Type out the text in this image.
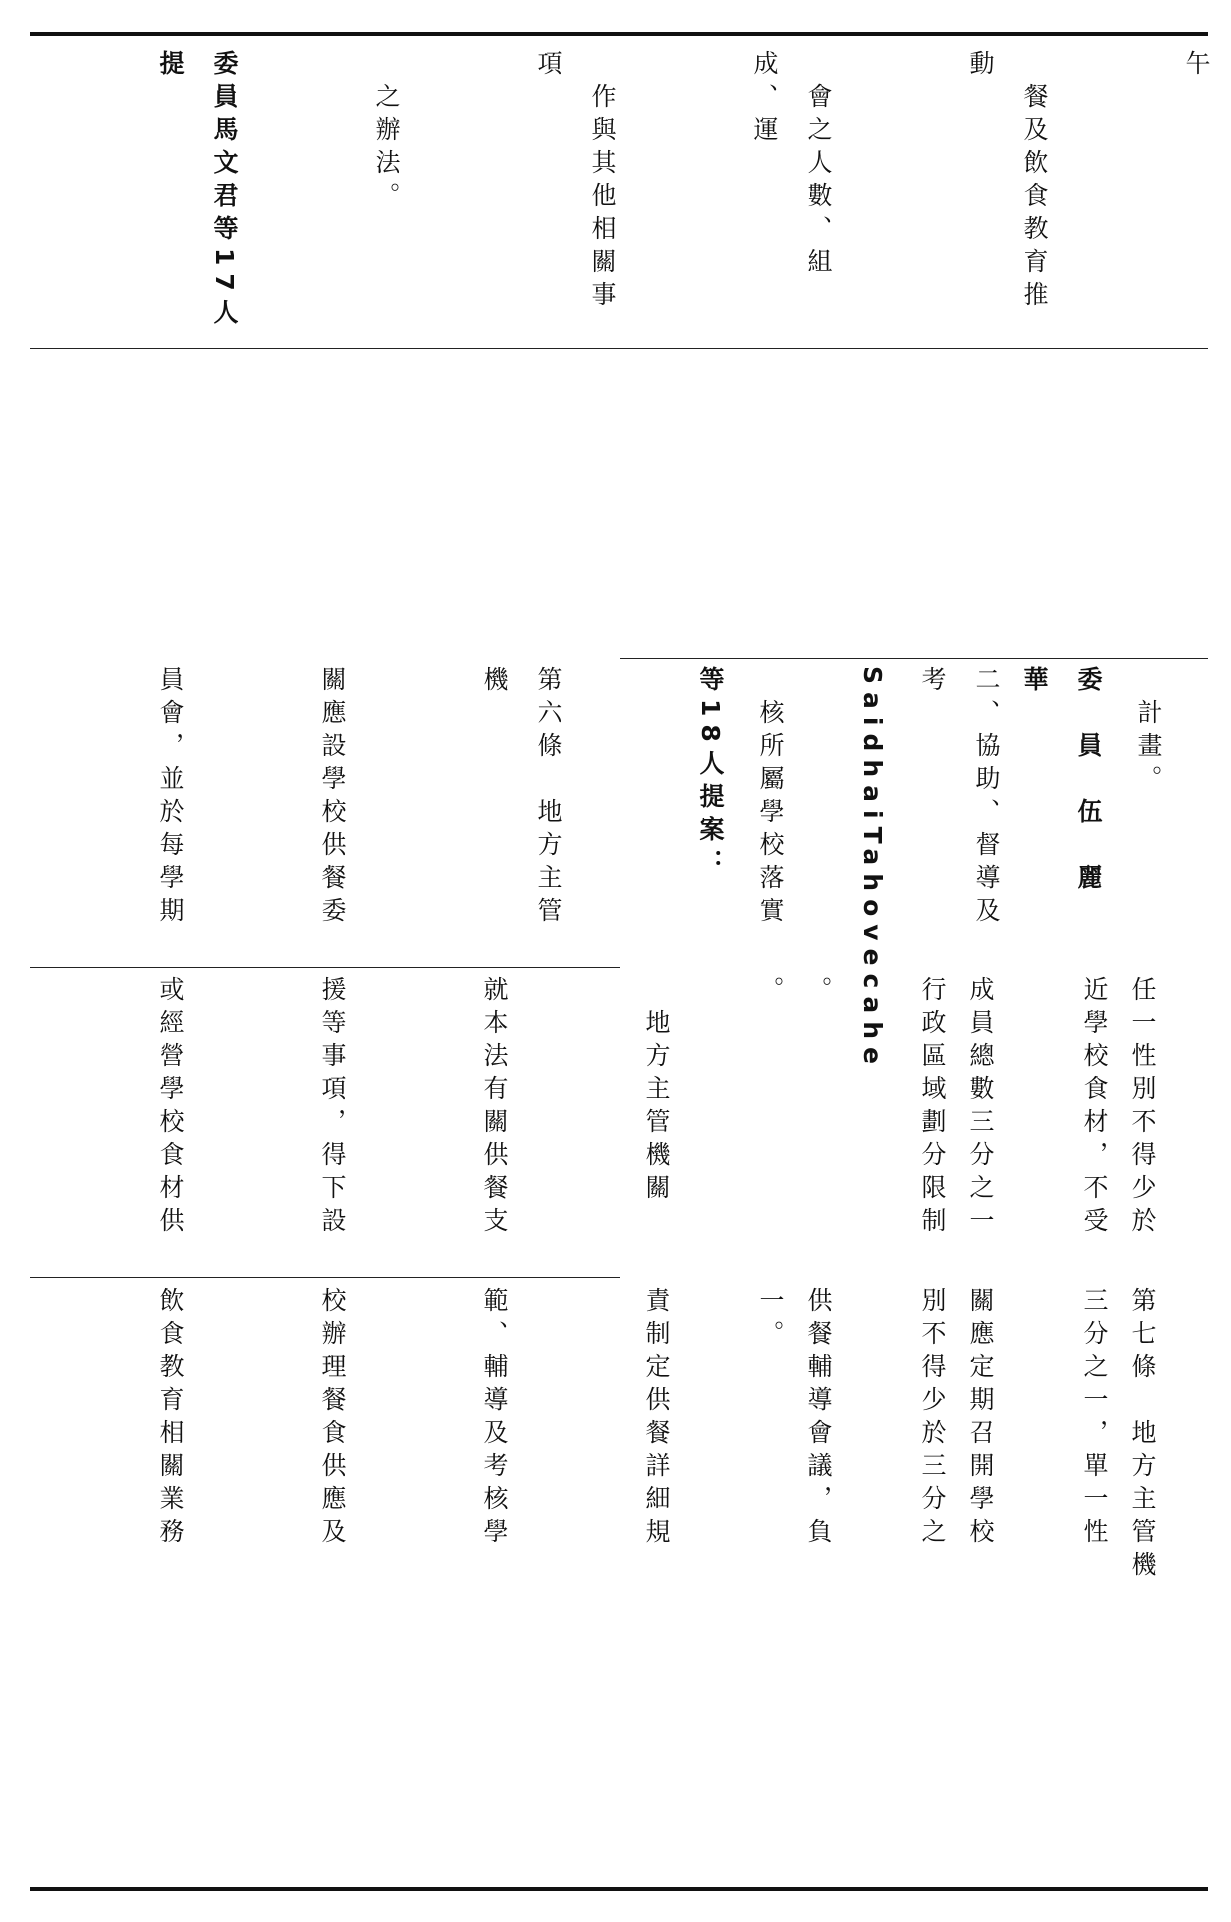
　午

　餐及飲食教育推動

　會之人數、組成、運

　作與其他相關事項

　之辦法。

委員馬文君等17人提

委　員　伍　麗　華

SaidhaiTahovecahe

等18人提案：

第六條　地方主管機

關應設學校供餐委

員會，並於每學期

	　計畫。

二、協助、督導及考

　核所屬學校落實

任一性別不得少於

成員總數三分之一

。

　地方主管機關

就本法有關供餐支

援等事項，得下設

或經營學校食材供

	近學校食材，不受

行政區域劃分限制

。

第七條　地方主管機

關應定期召開學校

供餐輔導會議，負

責制定供餐詳細規

範、輔導及考核學

校辦理餐食供應及

飲食教育相關業務

	三分之一，單一性

別不得少於三分之

一。
